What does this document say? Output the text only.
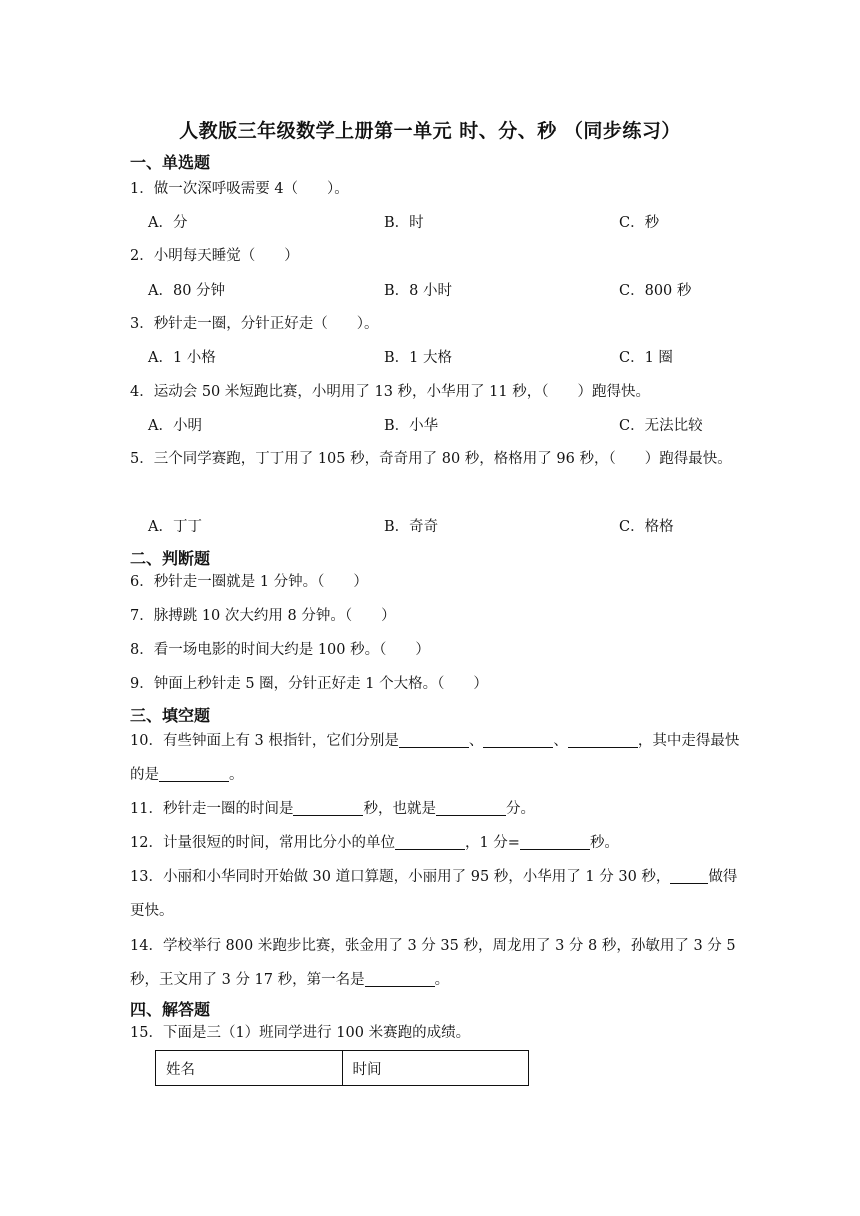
人教版三年级数学上册第一单元 时、分、秒 （同步练习）
一、单选题
1．做一次深呼吸需要 4（　　）。
A．分	B．时	C．秒
2．小明每天睡觉（　　）
A．80 分钟	B．8 小时	C．800 秒
3．秒针走一圈，分针正好走（　　）。
A．1 小格	B．1 大格	C．1 圈
4．运动会 50 米短跑比赛，小明用了 13 秒，小华用了 11 秒，（　　）跑得快。
A．小明	B．小华	C．无法比较
5．三个同学赛跑，丁丁用了 105 秒，奇奇用了 80 秒，格格用了 96 秒，（　　）跑得最快。
A．丁丁	B．奇奇	C．格格
二、判断题
6．秒针走一圈就是 1 分钟。（　　）
7．脉搏跳 10 次大约用 8 分钟。（　　）
8．看一场电影的时间大约是 100 秒。（　　）
9．钟面上秒针走 5 圈，分针正好走 1 个大格。（　　）
三、填空题
10．有些钟面上有 3 根指针，它们分别是	、	、	，其中走得最快的是	。
11．秒针走一圈的时间是	秒，也就是	分。
12．计量很短的时间，常用比分小的单位	，1 分=	秒。
13．小丽和小华同时开始做 30 道口算题，小丽用了 95 秒，小华用了 1 分 30 秒，	做得更快。
14．学校举行 800 米跑步比赛，张金用了 3 分 35 秒，周龙用了 3 分 8 秒，孙敏用了 3 分 5 秒，王文用了 3 分 17 秒，第一名是	。
四、解答题
15．下面是三（1）班同学进行 100 米赛跑的成绩。
姓名	时间
